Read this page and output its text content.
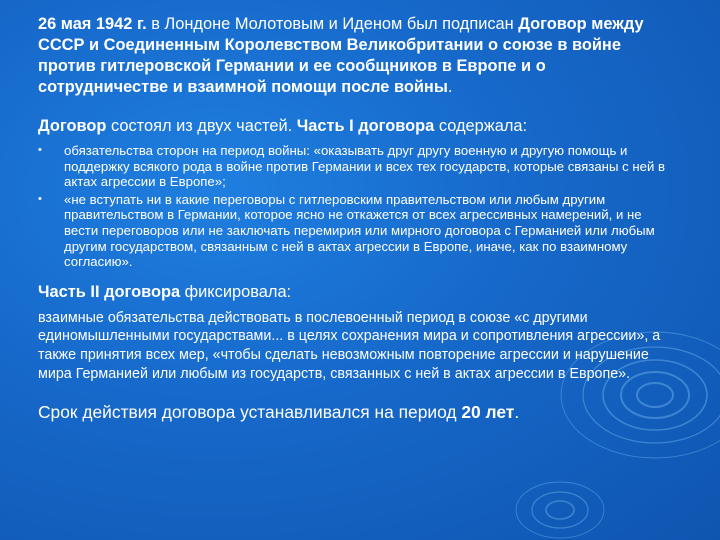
26 мая 1942 г. в Лондоне Молотовым и Иденом был подписан Договор между СССР и Соединенным Королевством Великобритании о союзе в войне против гитлеровской Германии и ее сообщников в Европе и о сотрудничестве и взаимной помощи после войны.

Договор состоял из двух частей. Часть I договора содержала:

• обязательства сторон на период войны: «оказывать друг другу военную и другую помощь и поддержку всякого рода в войне против Германии и всех тех государств, которые связаны с ней в актах агрессии в Европе»;
• «не вступать ни в какие переговоры с гитлеровским правительством или любым другим правительством в Германии, которое ясно не откажется от всех агрессивных намерений, и не вести переговоров или не заключать перемирия или мирного договора с Германией или любым другим государством, связанным с ней в актах агрессии в Европе, иначе, как по взаимному согласию».

Часть II договора фиксировала:

взаимные обязательства действовать в послевоенный период в союзе «с другими единомышленными государствами... в целях сохранения мира и сопротивления агрессии», а также принятия всех мер, «чтобы сделать невозможным повторение агрессии и нарушение мира Германией или любым из государств, связанных с ней в актах агрессии в Европе».

Срок действия договора устанавливался на период 20 лет.
